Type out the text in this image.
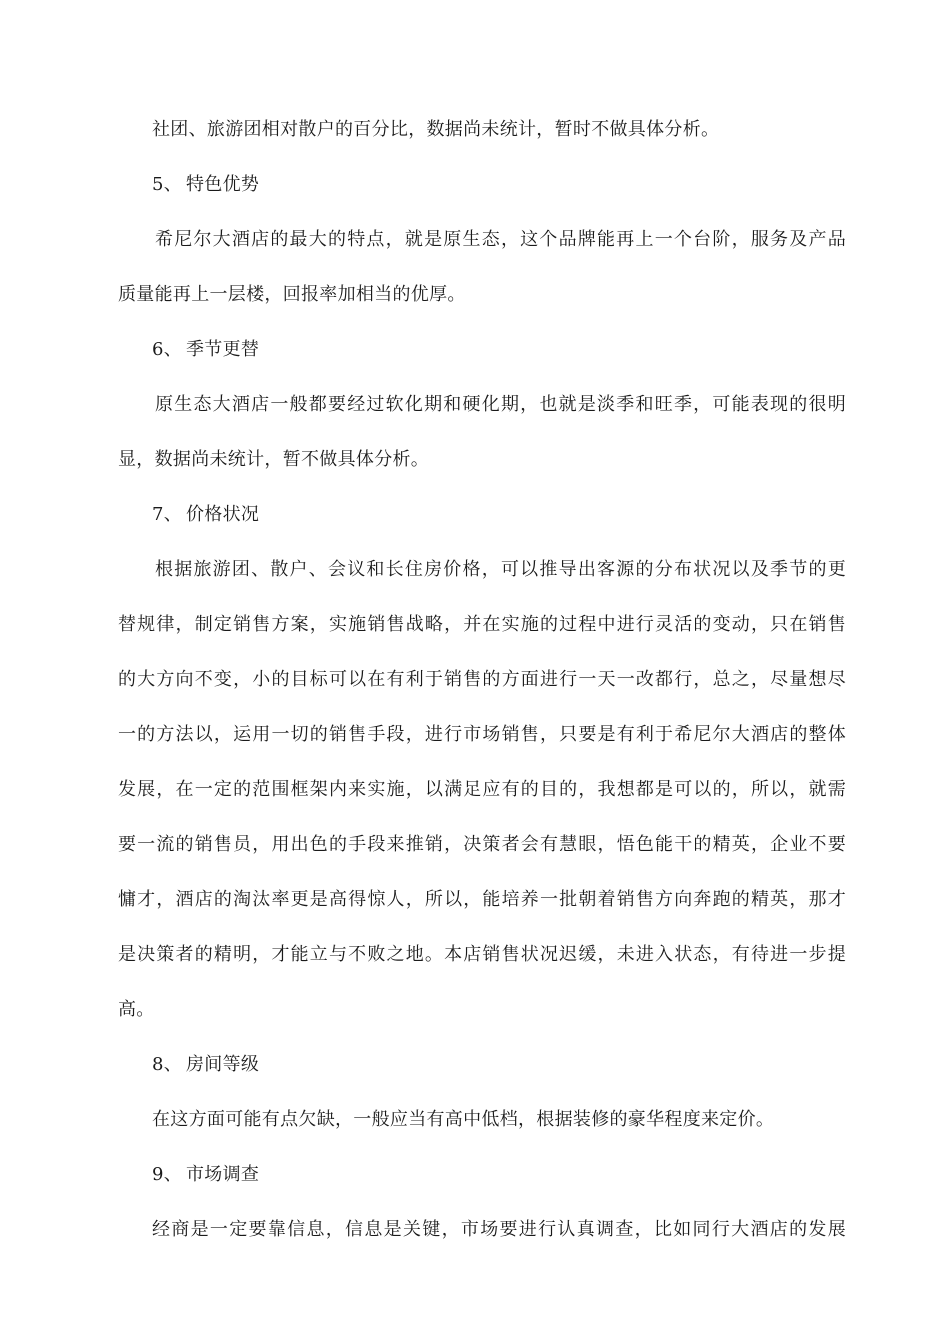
社团、旅游团相对散户的百分比，数据尚未统计，暂时不做具体分析。
5、 特色优势
希尼尔大酒店的最大的特点，就是原生态，这个品牌能再上一个台阶，服务及产品
质量能再上一层楼，回报率加相当的优厚。
6、 季节更替
原生态大酒店一般都要经过软化期和硬化期，也就是淡季和旺季，可能表现的很明
显，数据尚未统计，暂不做具体分析。
7、 价格状况
根据旅游团、散户、会议和长住房价格，可以推导出客源的分布状况以及季节的更
替规律，制定销售方案，实施销售战略，并在实施的过程中进行灵活的变动，只在销售
的大方向不变，小的目标可以在有利于销售的方面进行一天一改都行，总之，尽量想尽
一的方法以，运用一切的销售手段，进行市场销售，只要是有利于希尼尔大酒店的整体
发展，在一定的范围框架内来实施，以满足应有的目的，我想都是可以的，所以，就需
要一流的销售员，用出色的手段来推销，决策者会有慧眼，悟色能干的精英，企业不要
慵才，酒店的淘汰率更是高得惊人，所以，能培养一批朝着销售方向奔跑的精英，那才
是决策者的精明，才能立与不败之地。本店销售状况迟缓，未进入状态，有待进一步提
高。
8、 房间等级
在这方面可能有点欠缺，一般应当有高中低档，根据装修的豪华程度来定价。
9、 市场调查
经商是一定要靠信息，信息是关键，市场要进行认真调查，比如同行大酒店的发展
